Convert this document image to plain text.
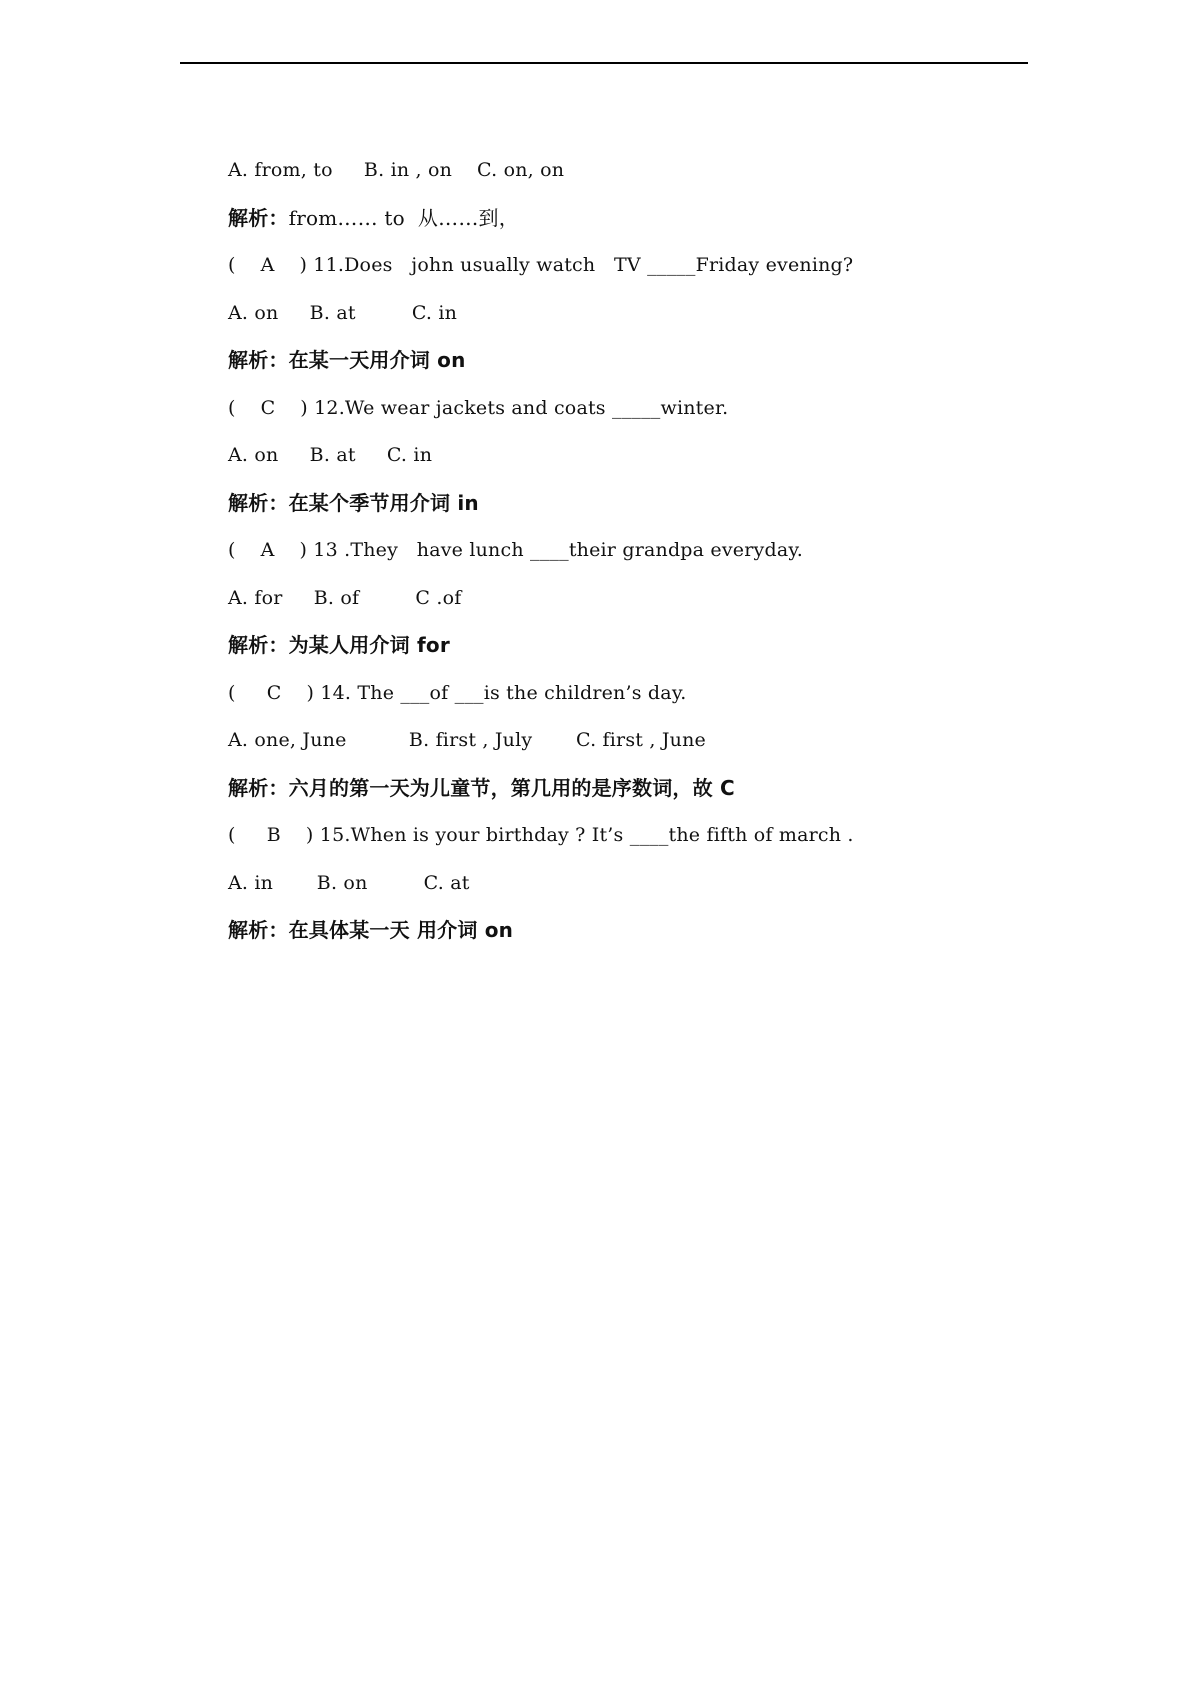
A. from, to     B. in , on    C. on, on
解析：from…… to  从……到，
(    A    ) 11.Does   john usually watch   TV _____Friday evening?
A. on     B. at         C. in
解析：在某一天用介词 on
(    C    ) 12.We wear jackets and coats _____winter.
A. on     B. at     C. in
解析：在某个季节用介词 in
(    A    ) 13 .They   have lunch ____their grandpa everyday.
A. for     B. of         C .of
解析：为某人用介词 for
(     C    ) 14. The ___of ___is the children’s day.
A. one, June          B. first , July       C. first , June
解析：六月的第一天为儿童节，第几用的是序数词，故 C
(     B    ) 15.When is your birthday ? It’s ____the fifth of march .
A. in       B. on         C. at
解析：在具体某一天 用介词 on
